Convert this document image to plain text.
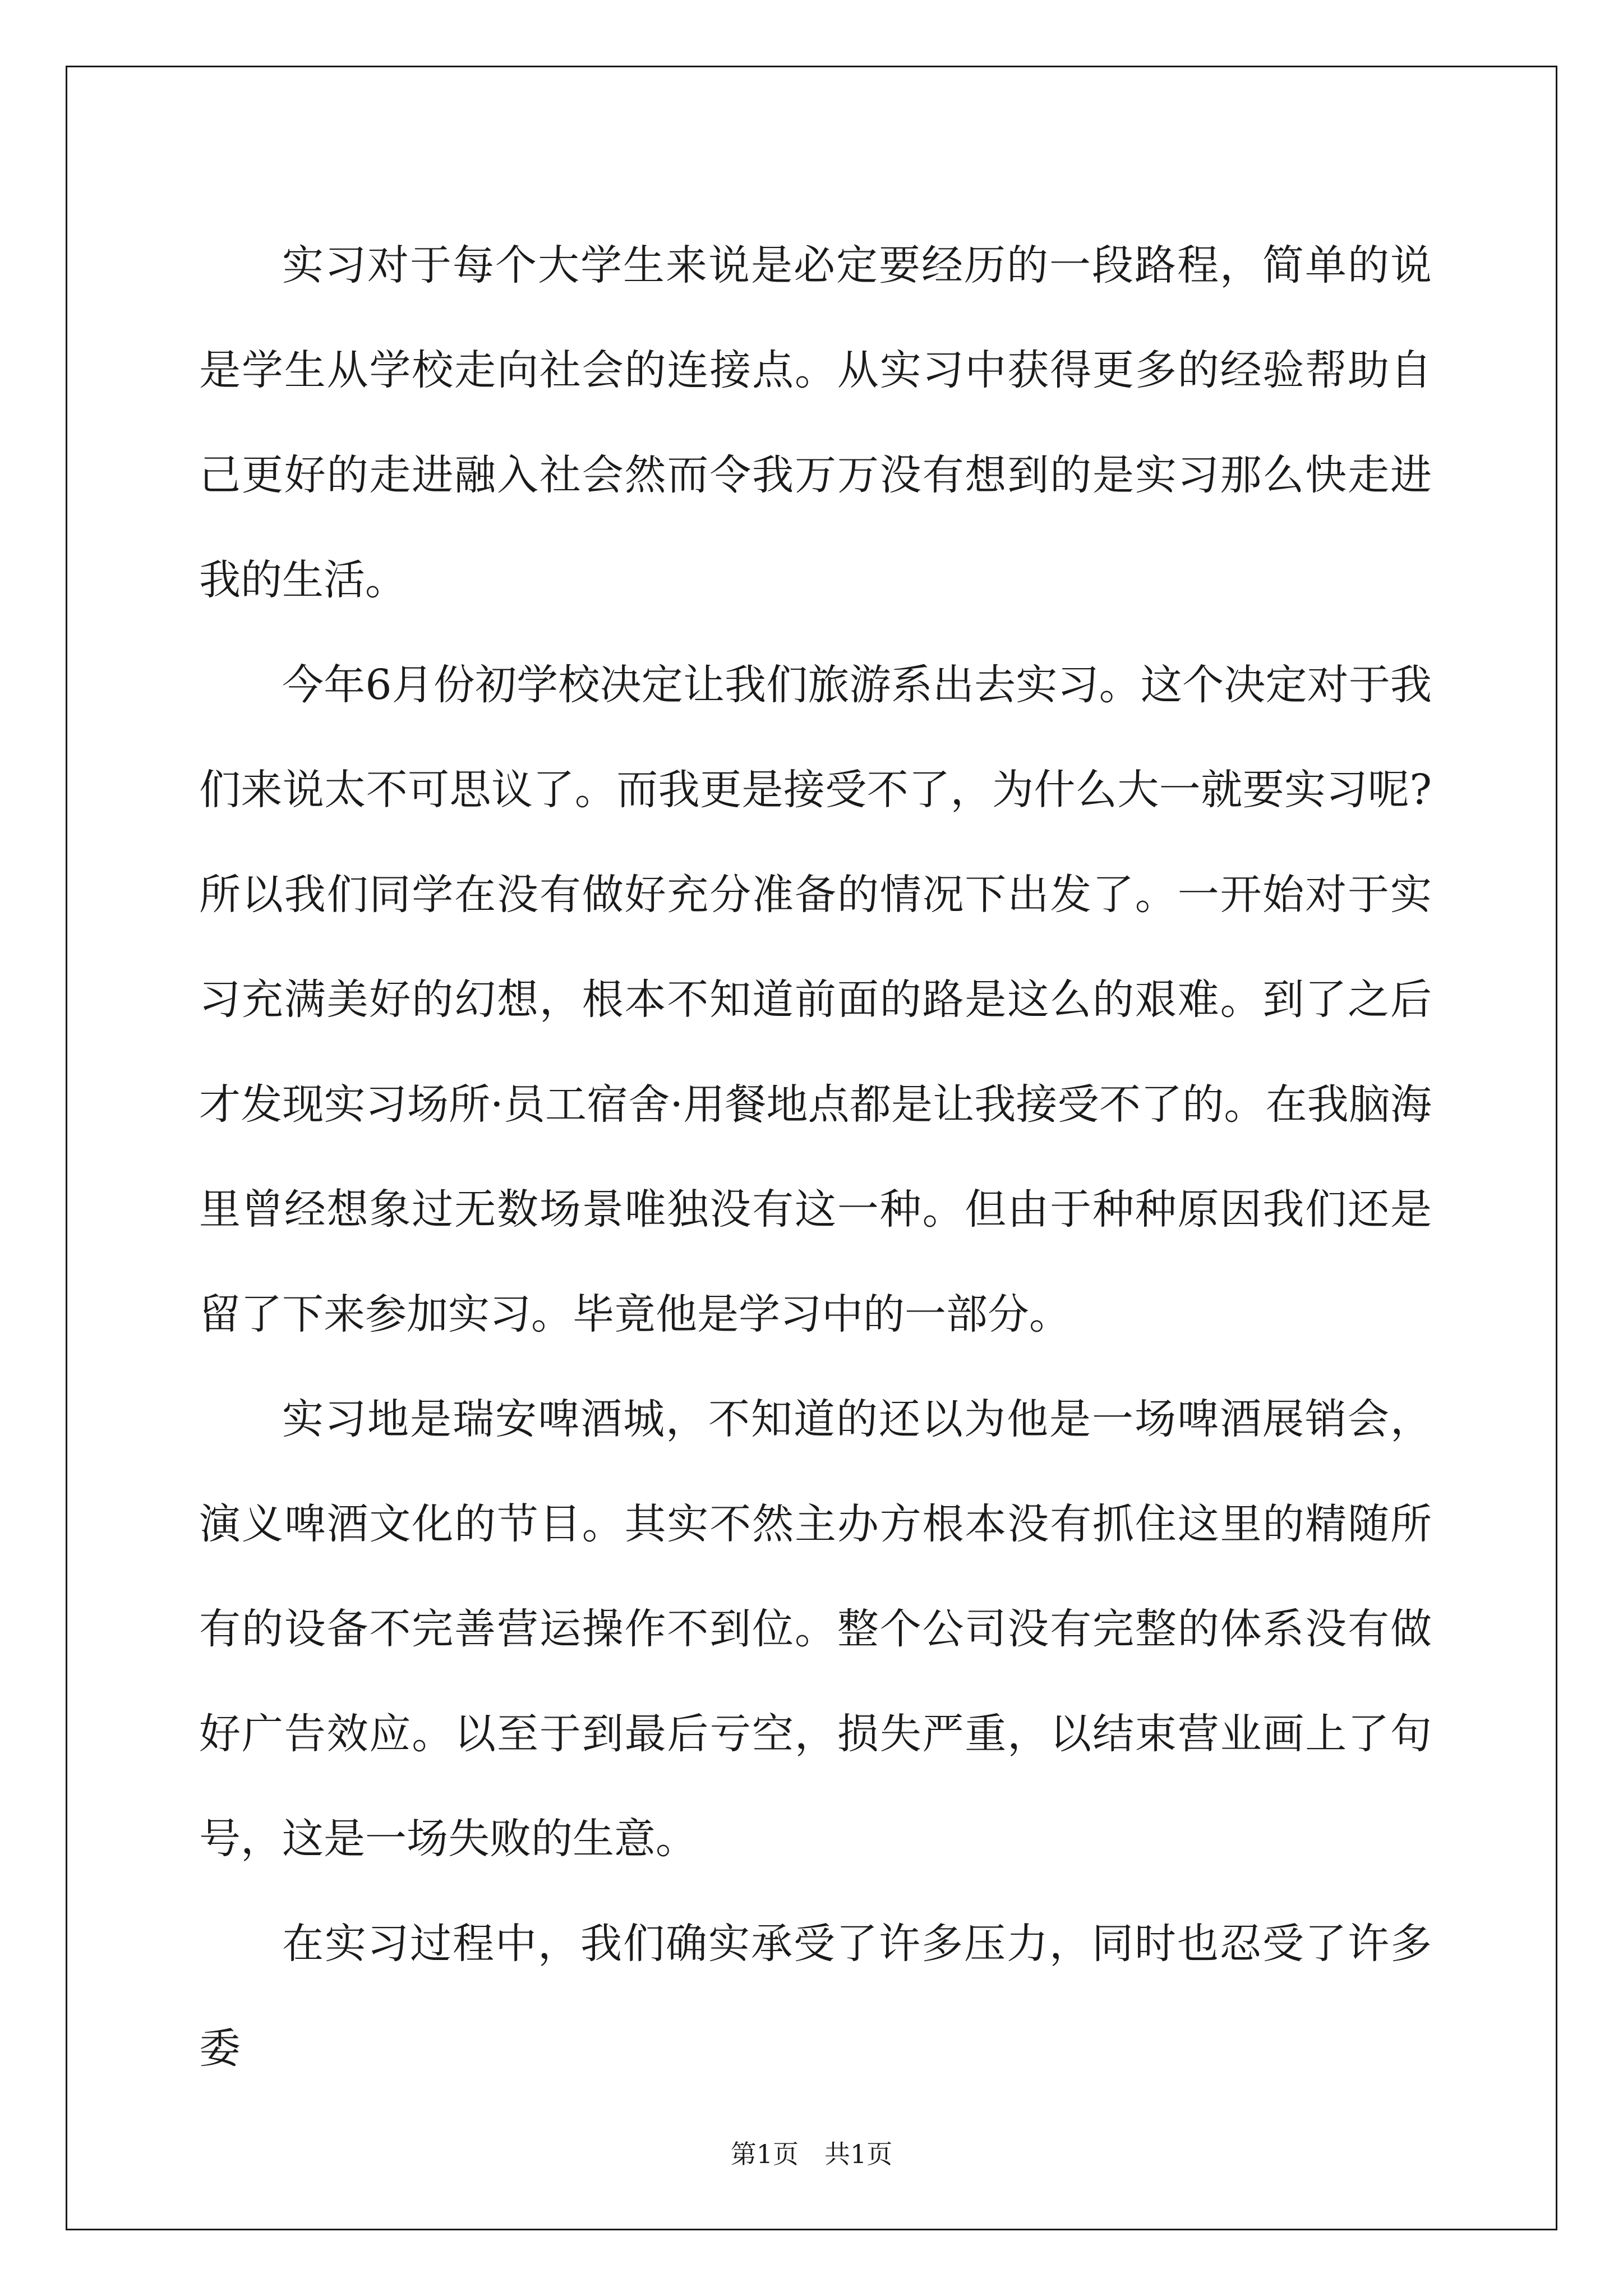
实习对于每个大学生来说是必定要经历的一段路程，简单的说是学生从学校走向社会的连接点。从实习中获得更多的经验帮助自己更好的走进融入社会然而令我万万没有想到的是实习那么快走进我的生活。

今年6月份初学校决定让我们旅游系出去实习。这个决定对于我们来说太不可思议了。而我更是接受不了，为什么大一就要实习呢?所以我们同学在没有做好充分准备的情况下出发了。一开始对于实习充满美好的幻想，根本不知道前面的路是这么的艰难。到了之后才发现实习场所·员工宿舍·用餐地点都是让我接受不了的。在我脑海里曾经想象过无数场景唯独没有这一种。但由于种种原因我们还是留了下来参加实习。毕竟他是学习中的一部分。

实习地是瑞安啤酒城，不知道的还以为他是一场啤酒展销会，演义啤酒文化的节目。其实不然主办方根本没有抓住这里的精随所有的设备不完善营运操作不到位。整个公司没有完整的体系没有做好广告效应。以至于到最后亏空，损失严重，以结束营业画上了句号，这是一场失败的生意。

在实习过程中，我们确实承受了许多压力，同时也忍受了许多委

第1页 共1页
